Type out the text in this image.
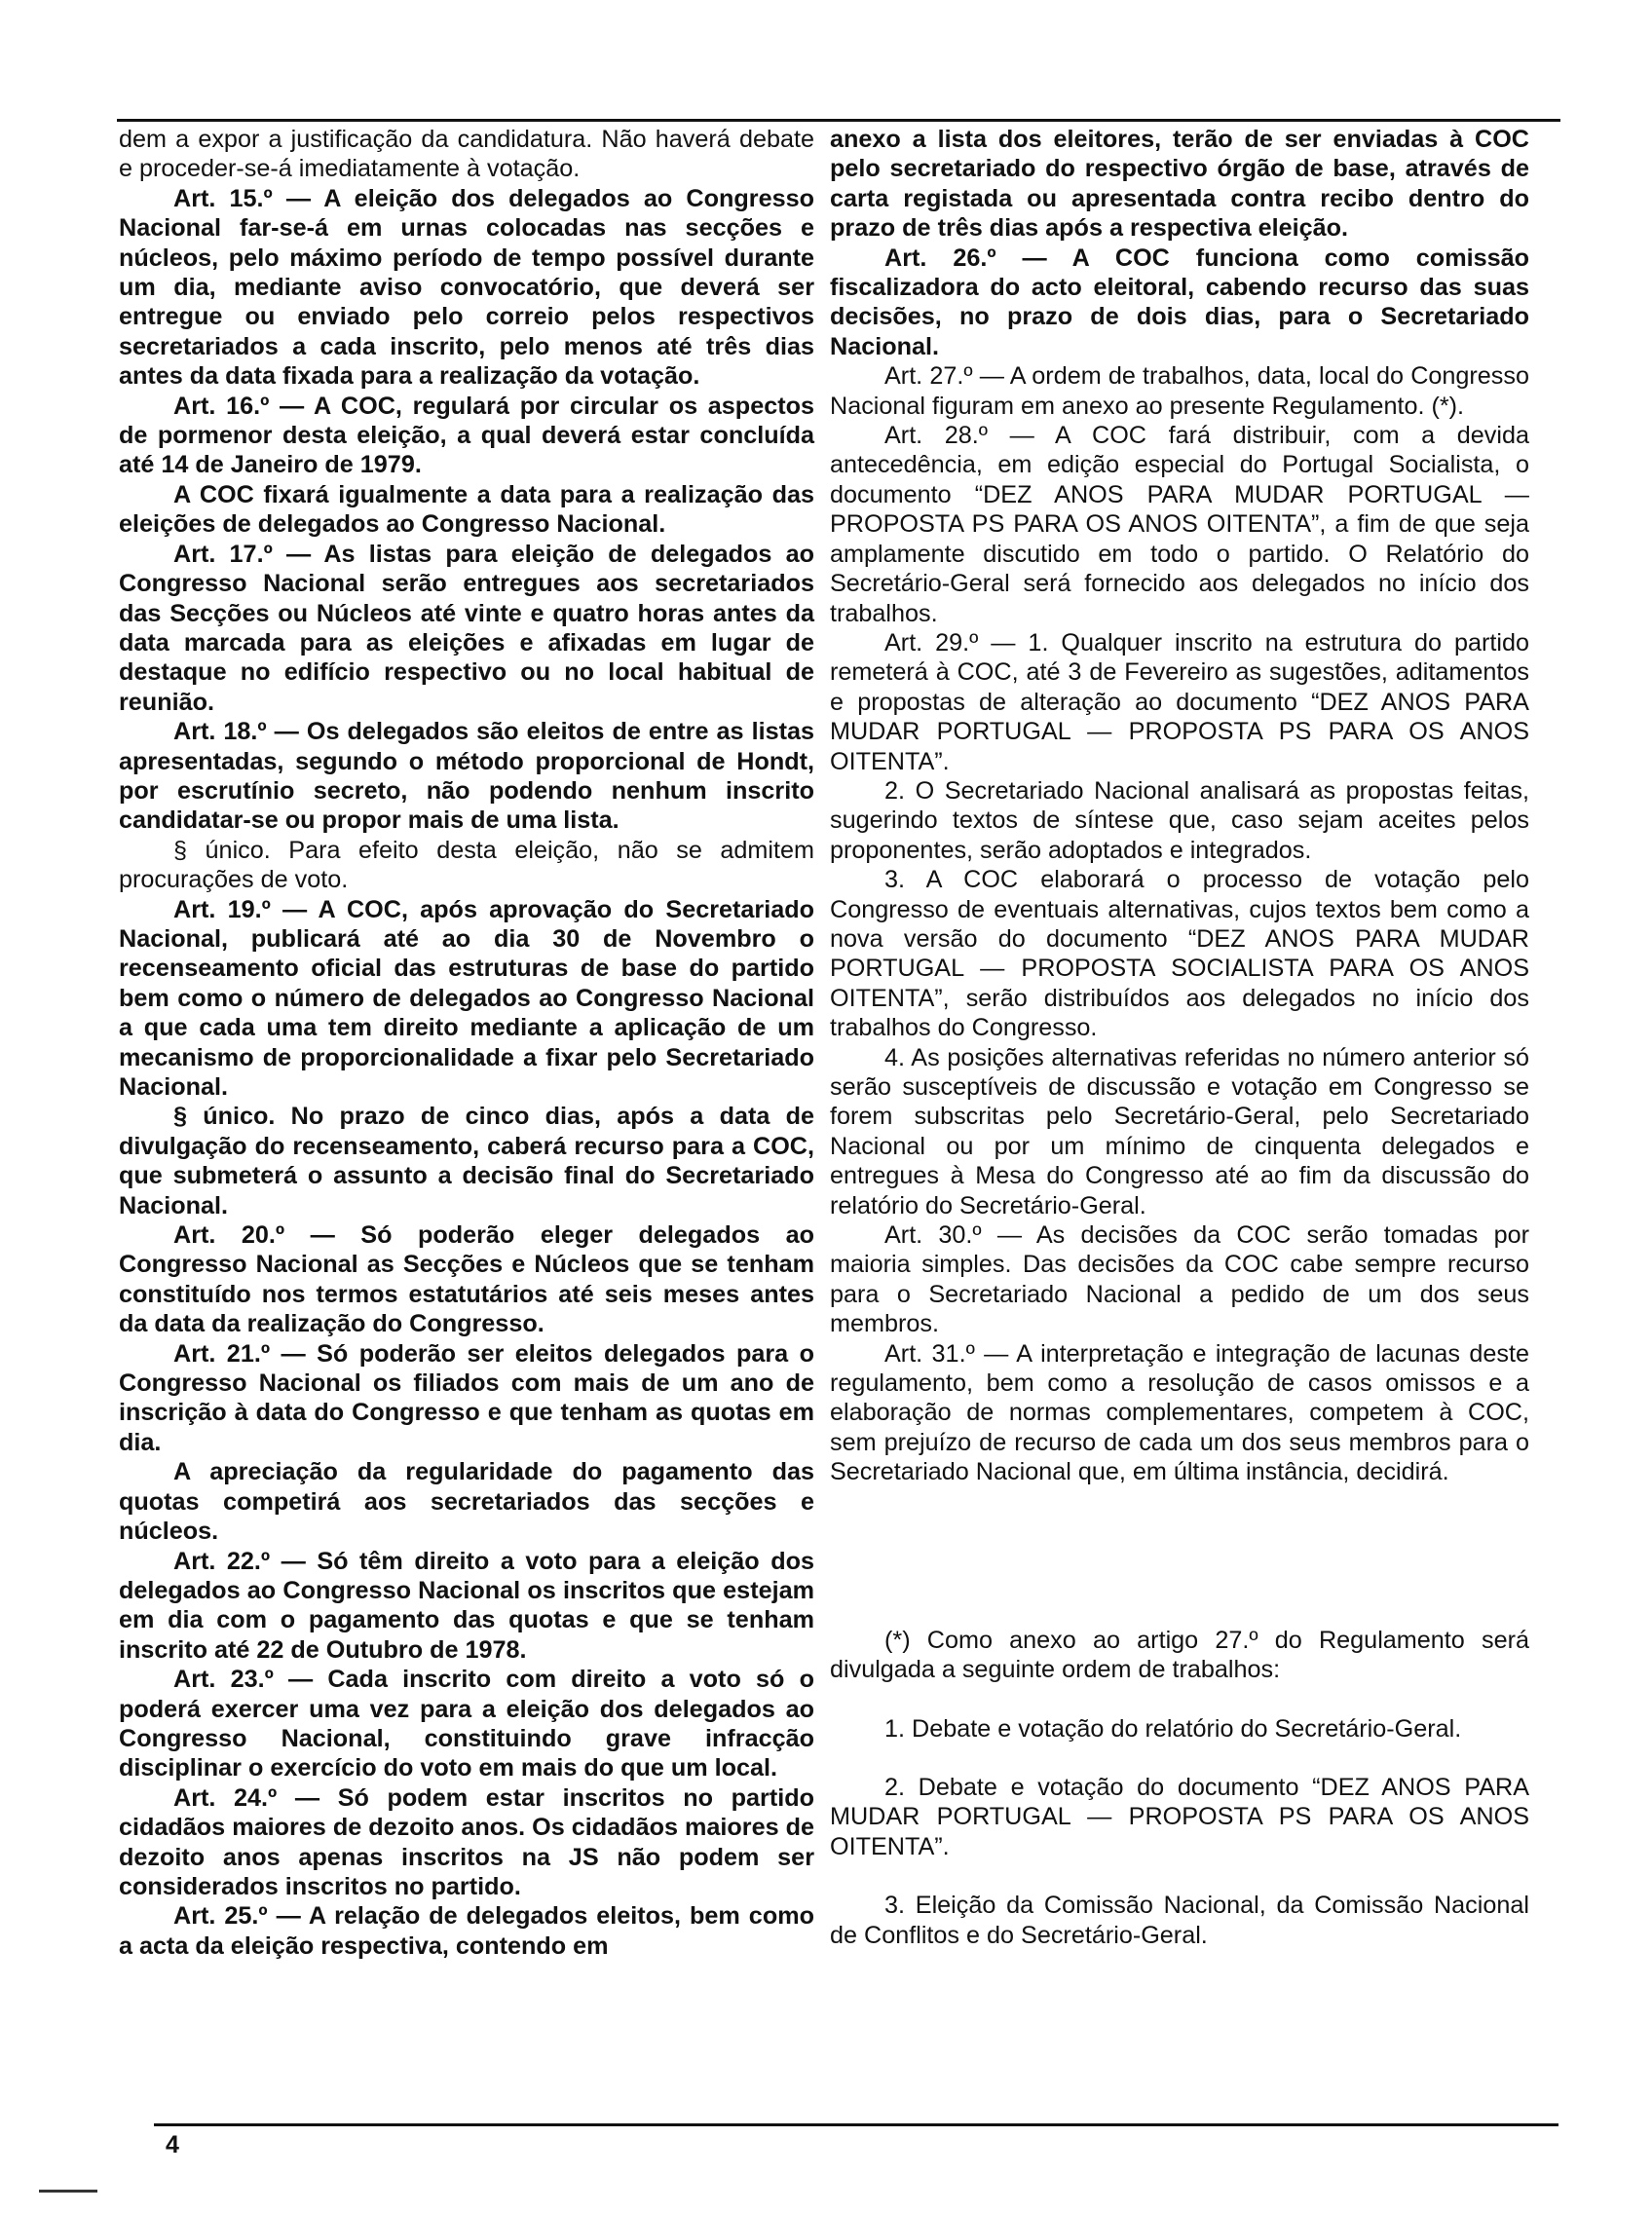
dem a expor a justificação da candidatura. Não haverá debate e proceder-se-á imediatamente à votação.

Art. 15.º — A eleição dos delegados ao Congresso Nacional far-se-á em urnas colocadas nas secções e núcleos, pelo máximo período de tempo possível durante um dia, mediante aviso convocatório, que deverá ser entregue ou enviado pelo correio pelos respectivos secretariados a cada inscrito, pelo menos até três dias antes da data fixada para a realização da votação.

Art. 16.º — A COC, regulará por circular os aspectos de pormenor desta eleição, a qual deverá estar concluída até 14 de Janeiro de 1979.

A COC fixará igualmente a data para a realização das eleições de delegados ao Congresso Nacional.

Art. 17.º — As listas para eleição de delegados ao Congresso Nacional serão entregues aos secretariados das Secções ou Núcleos até vinte e quatro horas antes da data marcada para as eleições e afixadas em lugar de destaque no edifício respectivo ou no local habitual de reunião.

Art. 18.º — Os delegados são eleitos de entre as listas apresentadas, segundo o método proporcional de Hondt, por escrutínio secreto, não podendo nenhum inscrito candidatar-se ou propor mais de uma lista.

§ único. Para efeito desta eleição, não se admitem procurações de voto.

Art. 19.º — A COC, após aprovação do Secretariado Nacional, publicará até ao dia 30 de Novembro o recenseamento oficial das estruturas de base do partido bem como o número de delegados ao Congresso Nacional a que cada uma tem direito mediante a aplicação de um mecanismo de proporcionalidade a fixar pelo Secretariado Nacional.

§ único. No prazo de cinco dias, após a data de divulgação do recenseamento, caberá recurso para a COC, que submeterá o assunto a decisão final do Secretariado Nacional.

Art. 20.º — Só poderão eleger delegados ao Congresso Nacional as Secções e Núcleos que se tenham constituído nos termos estatutários até seis meses antes da data da realização do Congresso.

Art. 21.º — Só poderão ser eleitos delegados para o Congresso Nacional os filiados com mais de um ano de inscrição à data do Congresso e que tenham as quotas em dia.

A apreciação da regularidade do pagamento das quotas competirá aos secretariados das secções e núcleos.

Art. 22.º — Só têm direito a voto para a eleição dos delegados ao Congresso Nacional os inscritos que estejam em dia com o pagamento das quotas e que se tenham inscrito até 22 de Outubro de 1978.

Art. 23.º — Cada inscrito com direito a voto só o poderá exercer uma vez para a eleição dos delegados ao Congresso Nacional, constituindo grave infracção disciplinar o exercício do voto em mais do que um local.

Art. 24.º — Só podem estar inscritos no partido cidadãos maiores de dezoito anos. Os cidadãos maiores de dezoito anos apenas inscritos na JS não podem ser considerados inscritos no partido.

Art. 25.º — A relação de delegados eleitos, bem como a acta da eleição respectiva, contendo em

anexo a lista dos eleitores, terão de ser enviadas à COC pelo secretariado do respectivo órgão de base, através de carta registada ou apresentada contra recibo dentro do prazo de três dias após a respectiva eleição.

Art. 26.º — A COC funciona como comissão fiscalizadora do acto eleitoral, cabendo recurso das suas decisões, no prazo de dois dias, para o Secretariado Nacional.

Art. 27.º — A ordem de trabalhos, data, local do Congresso Nacional figuram em anexo ao presente Regulamento. (*).

Art. 28.º — A COC fará distribuir, com a devida antecedência, em edição especial do Portugal Socialista, o documento “DEZ ANOS PARA MUDAR PORTUGAL — PROPOSTA PS PARA OS ANOS OITENTA”, a fim de que seja amplamente discutido em todo o partido. O Relatório do Secretário-Geral será fornecido aos delegados no início dos trabalhos.

Art. 29.º — 1. Qualquer inscrito na estrutura do partido remeterá à COC, até 3 de Fevereiro as sugestões, aditamentos e propostas de alteração ao documento “DEZ ANOS PARA MUDAR PORTUGAL — PROPOSTA PS PARA OS ANOS OITENTA”.

2. O Secretariado Nacional analisará as propostas feitas, sugerindo textos de síntese que, caso sejam aceites pelos proponentes, serão adoptados e integrados.

3. A COC elaborará o processo de votação pelo Congresso de eventuais alternativas, cujos textos bem como a nova versão do documento “DEZ ANOS PARA MUDAR PORTUGAL — PROPOSTA SOCIALISTA PARA OS ANOS OITENTA”, serão distribuídos aos delegados no início dos trabalhos do Congresso.

4. As posições alternativas referidas no número anterior só serão susceptíveis de discussão e votação em Congresso se forem subscritas pelo Secretário-Geral, pelo Secretariado Nacional ou por um mínimo de cinquenta delegados e entregues à Mesa do Congresso até ao fim da discussão do relatório do Secretário-Geral.

Art. 30.º — As decisões da COC serão tomadas por maioria simples. Das decisões da COC cabe sempre recurso para o Secretariado Nacional a pedido de um dos seus membros.

Art. 31.º — A interpretação e integração de lacunas deste regulamento, bem como a resolução de casos omissos e a elaboração de normas complementares, competem à COC, sem prejuízo de recurso de cada um dos seus membros para o Secretariado Nacional que, em última instância, decidirá.

(*) Como anexo ao artigo 27.º do Regulamento será divulgada a seguinte ordem de trabalhos:

1. Debate e votação do relatório do Secretário-Geral.

2. Debate e votação do documento “DEZ ANOS PARA MUDAR PORTUGAL — PROPOSTA PS PARA OS ANOS OITENTA”.

3. Eleição da Comissão Nacional, da Comissão Nacional de Conflitos e do Secretário-Geral.

4
